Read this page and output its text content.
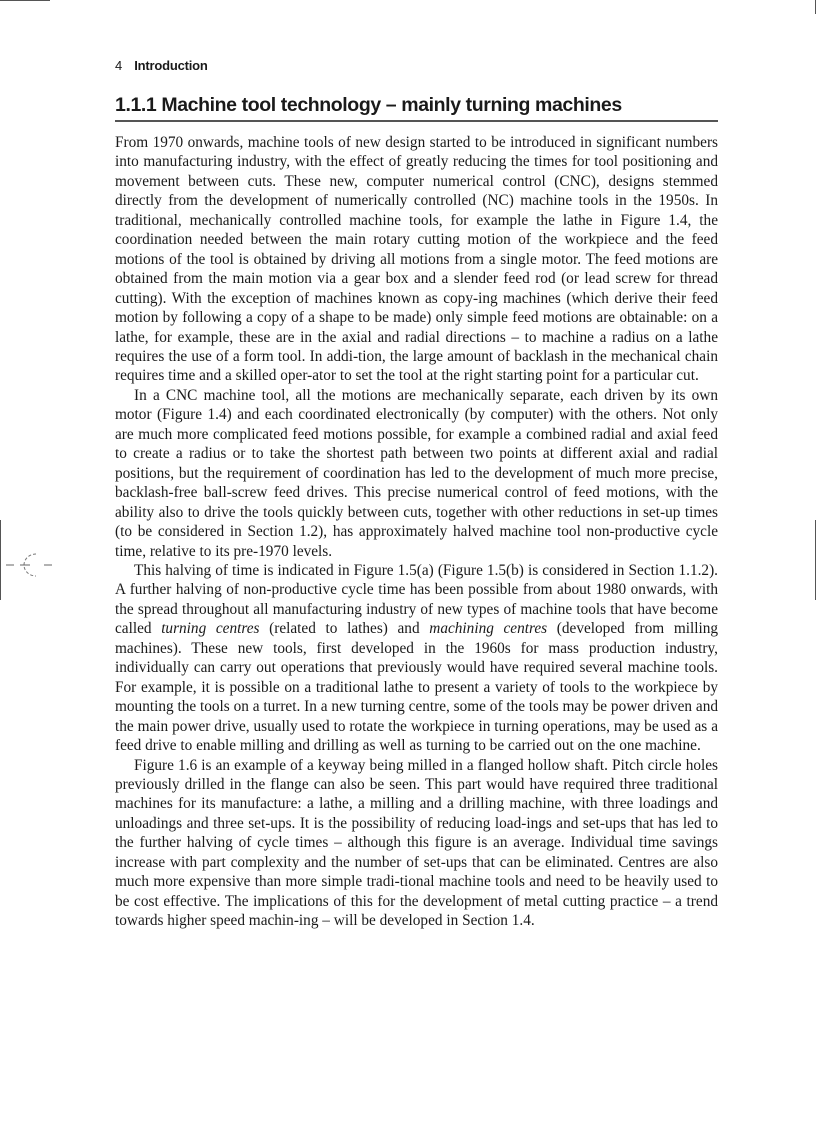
4 Introduction
1.1.1 Machine tool technology – mainly turning machines

From 1970 onwards, machine tools of new design started to be introduced in significant numbers into manufacturing industry, with the effect of greatly reducing the times for tool positioning and movement between cuts. These new, computer numerical control (CNC), designs stemmed directly from the development of numerically controlled (NC) machine tools in the 1950s. In traditional, mechanically controlled machine tools, for example the lathe in Figure 1.4, the coordination needed between the main rotary cutting motion of the workpiece and the feed motions of the tool is obtained by driving all motions from a single motor. The feed motions are obtained from the main motion via a gear box and a slender feed rod (or lead screw for thread cutting). With the exception of machines known as copy-ing machines (which derive their feed motion by following a copy of a shape to be made) only simple feed motions are obtainable: on a lathe, for example, these are in the axial and radial directions – to machine a radius on a lathe requires the use of a form tool. In addi-tion, the large amount of backlash in the mechanical chain requires time and a skilled oper-ator to set the tool at the right starting point for a particular cut.

In a CNC machine tool, all the motions are mechanically separate, each driven by its own motor (Figure 1.4) and each coordinated electronically (by computer) with the others. Not only are much more complicated feed motions possible, for example a combined radial and axial feed to create a radius or to take the shortest path between two points at different axial and radial positions, but the requirement of coordination has led to the development of much more precise, backlash-free ball-screw feed drives. This precise numerical control of feed motions, with the ability also to drive the tools quickly between cuts, together with other reductions in set-up times (to be considered in Section 1.2), has approximately halved machine tool non-productive cycle time, relative to its pre-1970 levels.

This halving of time is indicated in Figure 1.5(a) (Figure 1.5(b) is considered in Section 1.1.2). A further halving of non-productive cycle time has been possible from about 1980 onwards, with the spread throughout all manufacturing industry of new types of machine tools that have become called turning centres (related to lathes) and machining centres (developed from milling machines). These new tools, first developed in the 1960s for mass production industry, individually can carry out operations that previously would have required several machine tools. For example, it is possible on a traditional lathe to present a variety of tools to the workpiece by mounting the tools on a turret. In a new turning centre, some of the tools may be power driven and the main power drive, usually used to rotate the workpiece in turning operations, may be used as a feed drive to enable milling and drilling as well as turning to be carried out on the one machine.

Figure 1.6 is an example of a keyway being milled in a flanged hollow shaft. Pitch circle holes previously drilled in the flange can also be seen. This part would have required three traditional machines for its manufacture: a lathe, a milling and a drilling machine, with three loadings and unloadings and three set-ups. It is the possibility of reducing load-ings and set-ups that has led to the further halving of cycle times – although this figure is an average. Individual time savings increase with part complexity and the number of set-ups that can be eliminated. Centres are also much more expensive than more simple tradi-tional machine tools and need to be heavily used to be cost effective. The implications of this for the development of metal cutting practice – a trend towards higher speed machin-ing – will be developed in Section 1.4.
